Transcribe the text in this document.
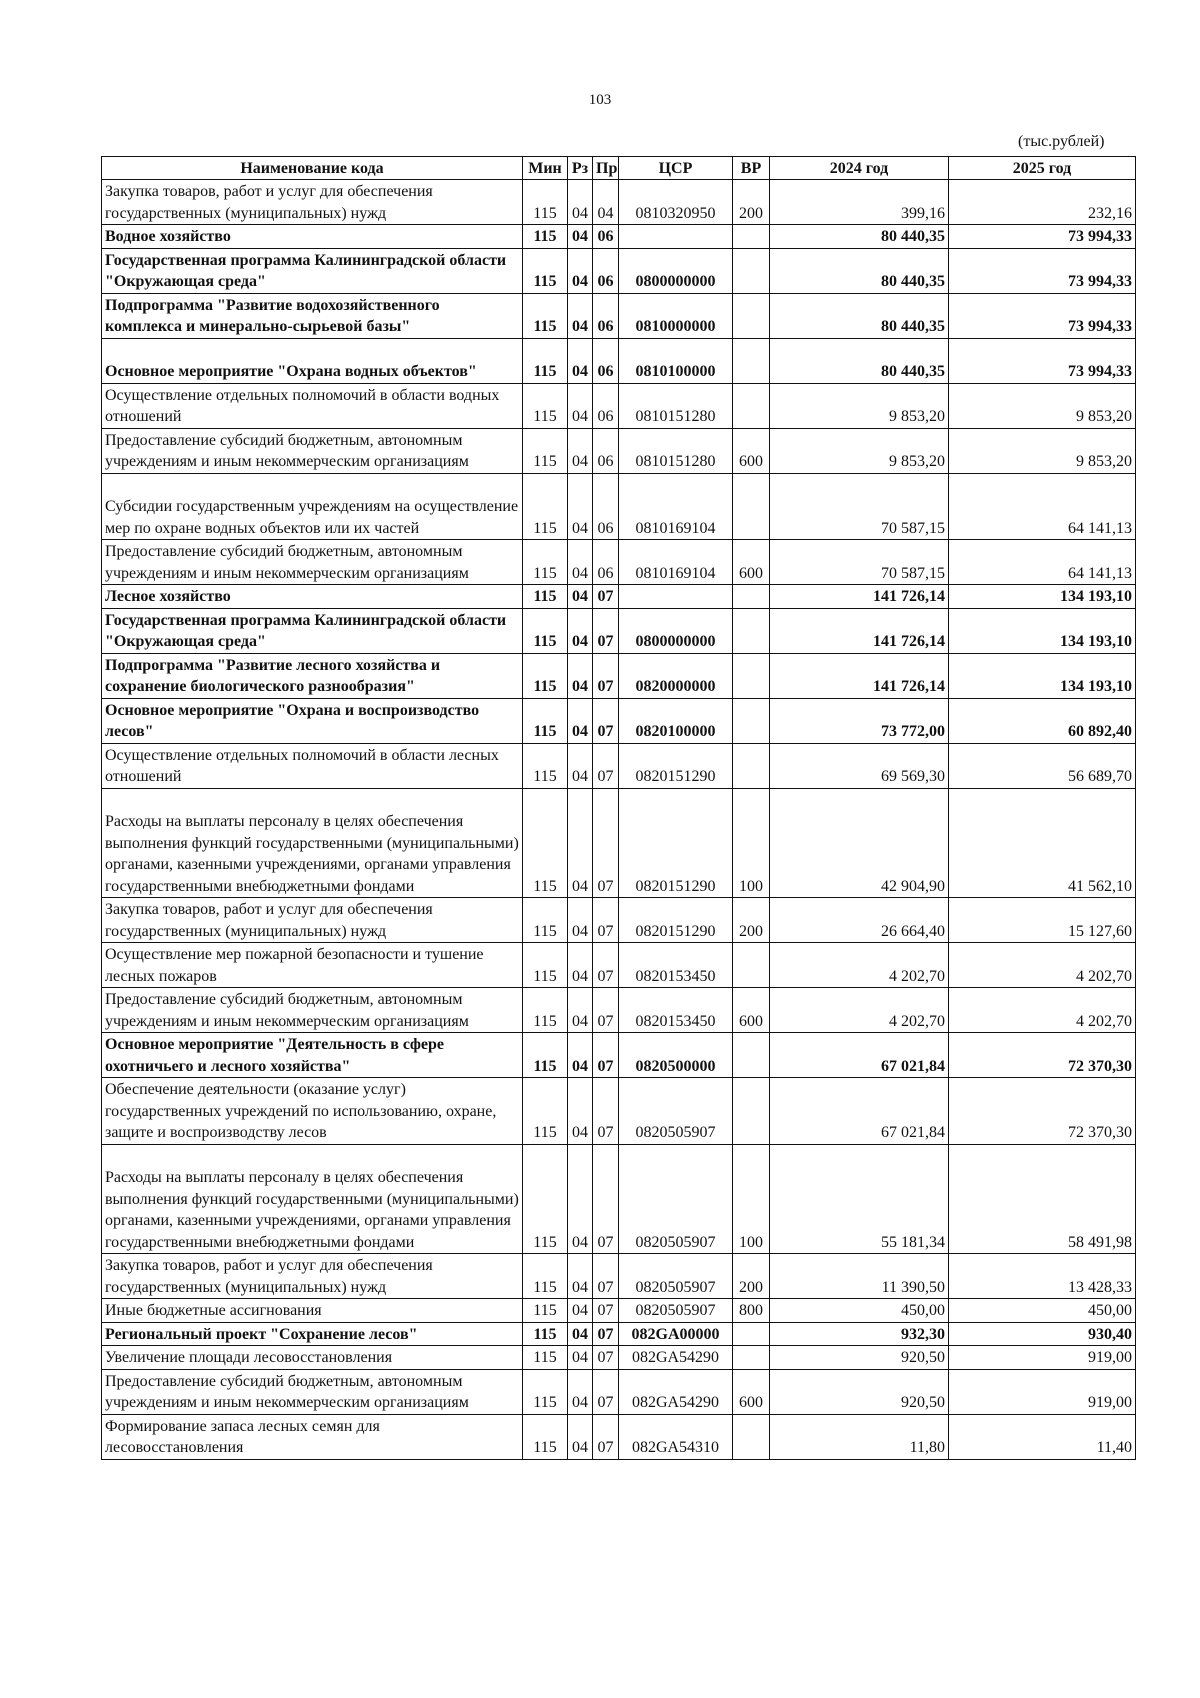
103
(тыс.рублей)
Наименование кода	Мин	Рз	Пр	ЦСР	ВР	2024 год	2025 год
Закупка товаров, работ и услуг для обеспечения государственных (муниципальных) нужд	115	04	04	0810320950	200	399,16	232,16
Водное хозяйство	115	04	06			80 440,35	73 994,33
Государственная программа Калининградской области "Окружающая среда"	115	04	06	0800000000		80 440,35	73 994,33
Подпрограмма "Развитие водохозяйственного комплекса и минерально-сырьевой базы"	115	04	06	0810000000		80 440,35	73 994,33
Основное мероприятие "Охрана водных объектов"	115	04	06	0810100000		80 440,35	73 994,33
Осуществление отдельных полномочий в области водных отношений	115	04	06	0810151280		9 853,20	9 853,20
Предоставление субсидий бюджетным, автономным учреждениям и иным некоммерческим организациям	115	04	06	0810151280	600	9 853,20	9 853,20
Субсидии государственным учреждениям на осуществление мер по охране водных объектов или их частей	115	04	06	0810169104		70 587,15	64 141,13
Предоставление субсидий бюджетным, автономным учреждениям и иным некоммерческим организациям	115	04	06	0810169104	600	70 587,15	64 141,13
Лесное хозяйство	115	04	07			141 726,14	134 193,10
Государственная программа Калининградской области "Окружающая среда"	115	04	07	0800000000		141 726,14	134 193,10
Подпрограмма "Развитие лесного хозяйства и сохранение биологического разнообразия"	115	04	07	0820000000		141 726,14	134 193,10
Основное мероприятие "Охрана и воспроизводство лесов"	115	04	07	0820100000		73 772,00	60 892,40
Осуществление отдельных полномочий в области лесных отношений	115	04	07	0820151290		69 569,30	56 689,70
Расходы на выплаты персоналу в целях обеспечения выполнения функций государственными (муниципальными) органами, казенными учреждениями, органами управления государственными внебюджетными фондами	115	04	07	0820151290	100	42 904,90	41 562,10
Закупка товаров, работ и услуг для обеспечения государственных (муниципальных) нужд	115	04	07	0820151290	200	26 664,40	15 127,60
Осуществление мер пожарной безопасности и тушение лесных пожаров	115	04	07	0820153450		4 202,70	4 202,70
Предоставление субсидий бюджетным, автономным учреждениям и иным некоммерческим организациям	115	04	07	0820153450	600	4 202,70	4 202,70
Основное мероприятие "Деятельность в сфере охотничьего и лесного хозяйства"	115	04	07	0820500000		67 021,84	72 370,30
Обеспечение деятельности (оказание услуг) государственных учреждений по использованию, охране, защите и воспроизводству лесов	115	04	07	0820505907		67 021,84	72 370,30
Расходы на выплаты персоналу в целях обеспечения выполнения функций государственными (муниципальными) органами, казенными учреждениями, органами управления государственными внебюджетными фондами	115	04	07	0820505907	100	55 181,34	58 491,98
Закупка товаров, работ и услуг для обеспечения государственных (муниципальных) нужд	115	04	07	0820505907	200	11 390,50	13 428,33
Иные бюджетные ассигнования	115	04	07	0820505907	800	450,00	450,00
Региональный проект "Сохранение лесов"	115	04	07	082GA00000		932,30	930,40
Увеличение площади лесовосстановления	115	04	07	082GA54290		920,50	919,00
Предоставление субсидий бюджетным, автономным учреждениям и иным некоммерческим организациям	115	04	07	082GA54290	600	920,50	919,00
Формирование запаса лесных семян для лесовосстановления	115	04	07	082GA54310		11,80	11,40
